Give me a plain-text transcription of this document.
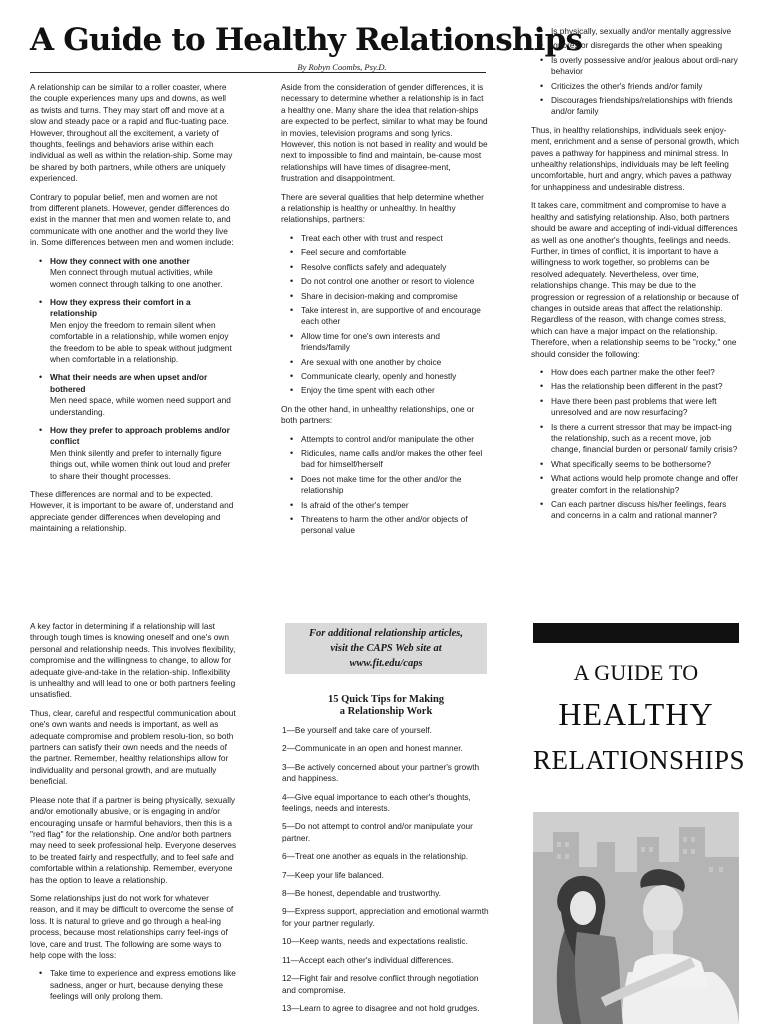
A Guide to Healthy Relationships
By Robyn Coombs, Psy.D.

A relationship can be similar to a roller coaster, where the couple experiences many ups and downs, as well as twists and turns. They may start off and move at a slow and steady pace or a rapid and fluc-tuating pace. However, throughout all the excitement, a variety of thoughts, feelings and behaviors arise within each individual as well as within the relation-ship. Some may be shared by both partners, while others are uniquely experienced.

Contrary to popular belief, men and women are not from different planets. However, gender differences do exist in the manner that men and women relate to, and communicate with one another and the world they live in. Some differences between men and women include:

• How they connect with one another
Men connect through mutual activities, while women connect through talking to one another.
• How they express their comfort in a relationship
Men enjoy the freedom to remain silent when comfortable in a relationship, while women enjoy the freedom to be able to speak without judgment when comfortable in a relationship.
• What their needs are when upset and/or bothered
Men need space, while women need support and understanding.
• How they prefer to approach problems and/or conflict
Men think silently and prefer to internally figure things out, while women think out loud and prefer to share their thought processes.

These differences are normal and to be expected. However, it is important to be aware of, understand and appreciate gender differences when developing and maintaining a relationship.

Aside from the consideration of gender differences, it is necessary to determine whether a relationship is in fact a healthy one. Many share the idea that relation-ships are expected to be perfect, similar to what may be found in movies, television programs and song lyrics. However, this notion is not based in reality and would be next to impossible to find and maintain, be-cause most relationships will have times of disagree-ment, frustration and disappointment.

There are several qualities that help determine whether a relationship is healthy or unhealthy. In healthy relationships, partners:

• Treat each other with trust and respect
• Feel secure and comfortable
• Resolve conflicts safely and adequately
• Do not control one another or resort to violence
• Share in decision-making and compromise
• Take interest in, are supportive of and encourage each other
• Allow time for one's own interests and friends/family
• Are sexual with one another by choice
• Communicate clearly, openly and honestly
• Enjoy the time spent with each other

On the other hand, in unhealthy relationships, one or both partners:

• Attempts to control and/or manipulate the other
• Ridicules, name calls and/or makes the other feel bad for himself/herself
• Does not make time for the other and/or the relationship
• Is afraid of the other's temper
• Threatens to harm the other and/or objects of personal value
• Is physically, sexually and/or mentally aggressive
• Ignores or disregards the other when speaking
• Is overly possessive and/or jealous about ordi-nary behavior
• Criticizes the other's friends and/or family
• Discourages friendships/relationships with friends and/or family

Thus, in healthy relationships, individuals seek enjoy-ment, enrichment and a sense of personal growth, which paves a pathway for happiness and minimal stress. In unhealthy relationships, individuals may be left feeling uncomfortable, hurt and angry, which paves a pathway for unhappiness and undesirable distress.

It takes care, commitment and compromise to have a healthy and satisfying relationship. Also, both partners should be aware and accepting of indi-vidual differences as well as one another's thoughts, feelings and needs. Further, in times of conflict, it is important to have a willingness to work together, so problems can be resolved adequately. Nevertheless, over time, relationships change. This may be due to the progression or regression of a relationship or because of changes in outside areas that affect the relationship. Regardless of the reason, with change comes stress, which can have a major impact on the relationship. Therefore, when a relationship seems to be "rocky," one should consider the following:

• How does each partner make the other feel?
• Has the relationship been different in the past?
• Have there been past problems that were left unresolved and are now resurfacing?
• Is there a current stressor that may be impact-ing the relationship, such as a recent move, job change, financial burden or personal/ family crisis?
• What specifically seems to be bothersome?
• What actions would help promote change and offer greater comfort in the relationship?
• Can each partner discuss his/her feelings, fears and concerns in a calm and rational manner?

A key factor in determining if a relationship will last through tough times is knowing oneself and one's own personal and relationship needs. This involves flexibility, compromise and the willingness to change, to allow for adequate give-and-take in the relation-ship. Inflexibility is unhealthy and will lead to one or both partners feeling unsatisfied.

Thus, clear, careful and respectful communication about one's own wants and needs is important, as well as adequate compromise and problem resolu-tion, so both partners can satisfy their own needs and the needs of the partner. Remember, healthy relationships allow for individuality and personal growth, and are mutually beneficial.

Please note that if a partner is being physically, sexually and/or emotionally abusive, or is engaging in and/or encouraging unsafe or harmful behaviors, then this is a "red flag" for the relationship. One and/or both partners may need to seek professional help. Everyone deserves to be treated fairly and respectfully, and to feel safe and comfortable within a relationship. Remember, everyone has the option to leave a relationship.

Some relationships just do not work for whatever reason, and it may be difficult to overcome the sense of loss. It is natural to grieve and go through a heal-ing process, because most relationships carry feel-ings of love, care and trust. The following are some ways to help cope with the loss:

• Take time to experience and express emotions like sadness, anger or hurt, because denying these feelings will only prolong them.
For additional relationship articles,
visit the CAPS Web site at
www.fit.edu/caps
15 Quick Tips for Making
a Relationship Work
1—Be yourself and take care of yourself.
2—Communicate in an open and honest manner.
3—Be actively concerned about your partner's growth and happiness.
4—Give equal importance to each other's thoughts, feelings, needs and interests.
5—Do not attempt to control and/or manipulate your partner.
6—Treat one another as equals in the relationship.
7—Keep your life balanced.
8—Be honest, dependable and trustworthy.
9—Express support, appreciation and emotional warmth for your partner regularly.
10—Keep wants, needs and expectations realistic.
11—Accept each other's individual differences.
12—Fight fair and resolve conflict through negotiation and compromise.
13—Learn to agree to disagree and not hold grudges.
A GUIDE TO
HEALTHY
RELATIONSHIPS
